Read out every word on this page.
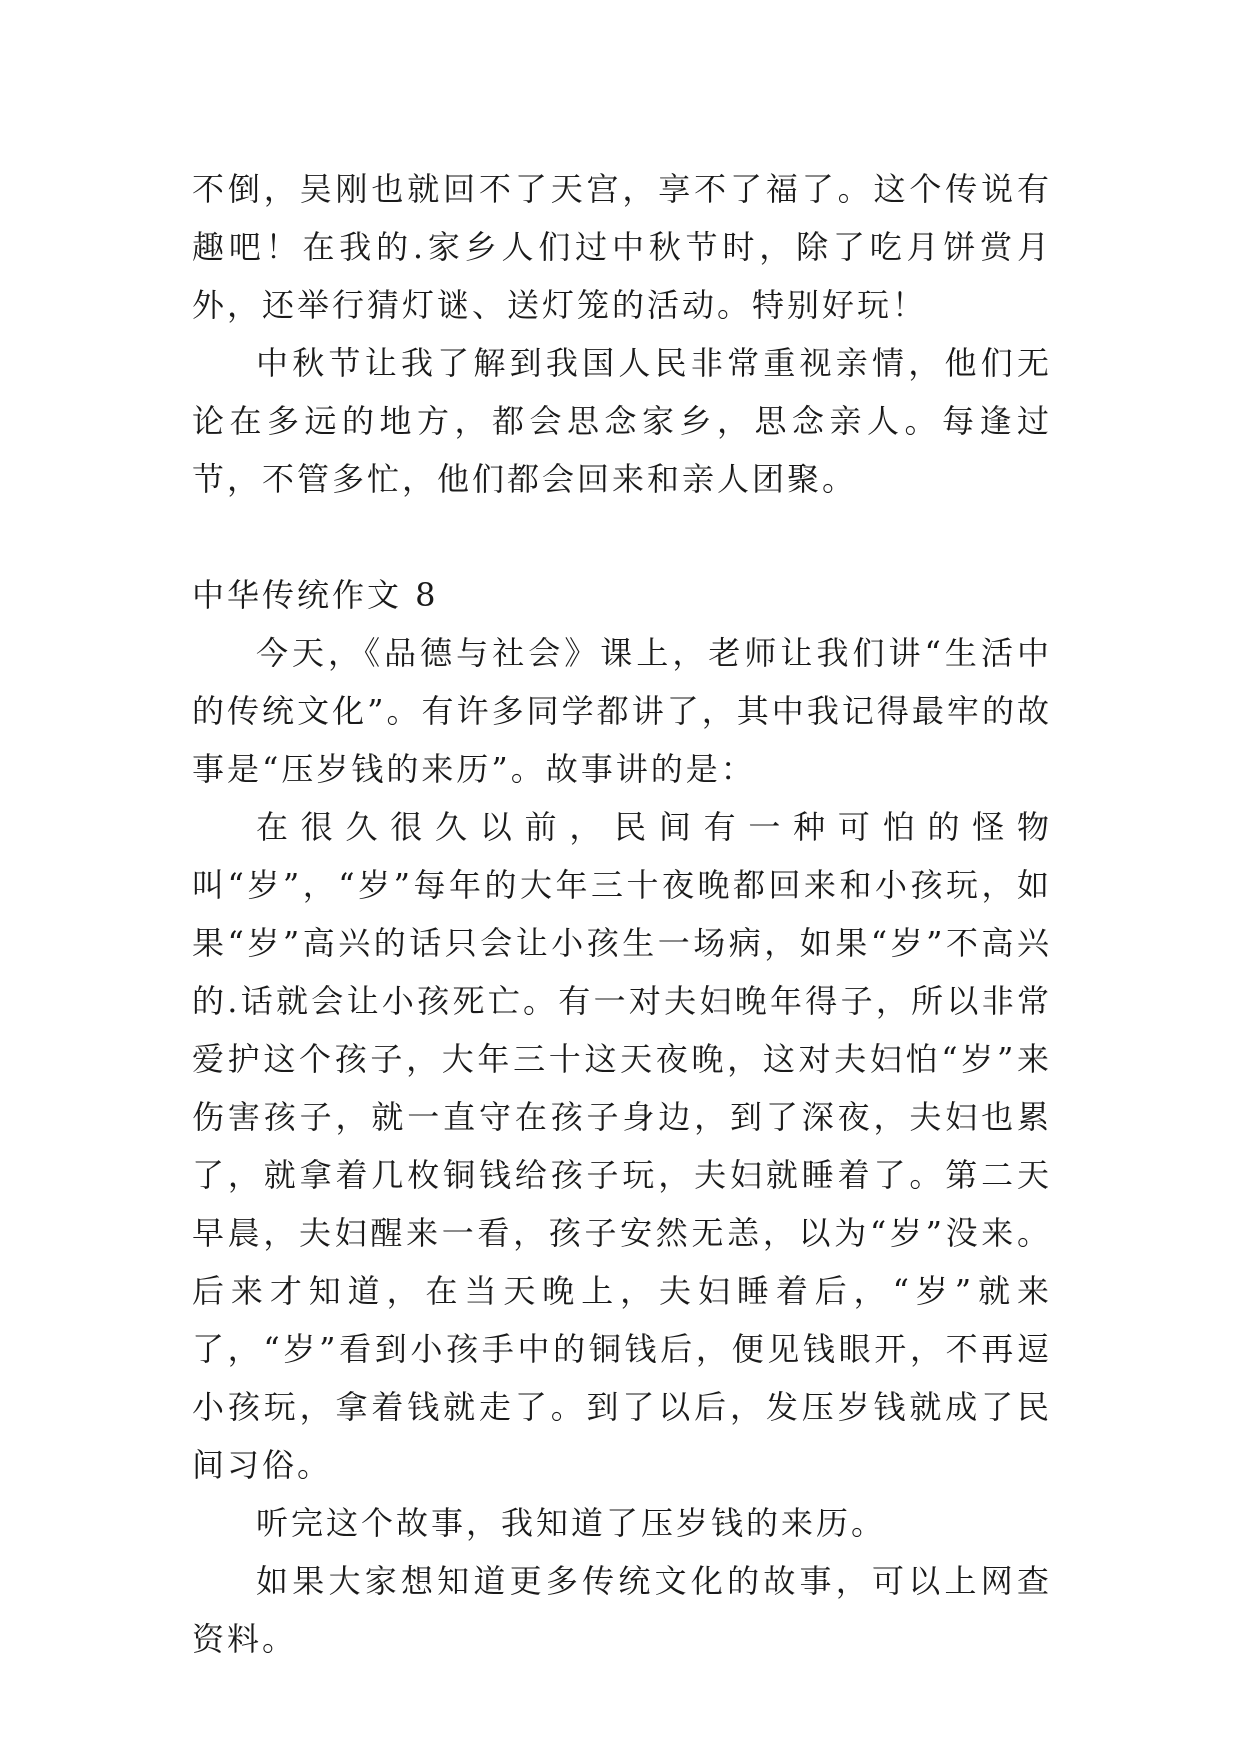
不倒，吴刚也就回不了天宫，享不了福了。这个传说有趣吧！在我的.家乡人们过中秋节时，除了吃月饼赏月外，还举行猜灯谜、送灯笼的活动。特别好玩！

中秋节让我了解到我国人民非常重视亲情，他们无论在多远的地方，都会思念家乡，思念亲人。每逢过节，不管多忙，他们都会回来和亲人团聚。

中华传统作文 8

今天，《品德与社会》课上，老师让我们讲“生活中的传统文化”。有许多同学都讲了，其中我记得最牢的故事是“压岁钱的来历”。故事讲的是：

在很久很久以前，民间有一种可怕的怪物叫“岁”，“岁”每年的大年三十夜晚都回来和小孩玩，如果“岁”高兴的话只会让小孩生一场病，如果“岁”不高兴的.话就会让小孩死亡。有一对夫妇晚年得子，所以非常爱护这个孩子，大年三十这天夜晚，这对夫妇怕“岁”来伤害孩子，就一直守在孩子身边，到了深夜，夫妇也累了，就拿着几枚铜钱给孩子玩，夫妇就睡着了。第二天早晨，夫妇醒来一看，孩子安然无恙，以为“岁”没来。后来才知道，在当天晚上，夫妇睡着后，“岁”就来了，“岁”看到小孩手中的铜钱后，便见钱眼开，不再逗小孩玩，拿着钱就走了。到了以后，发压岁钱就成了民间习俗。

听完这个故事，我知道了压岁钱的来历。

如果大家想知道更多传统文化的故事，可以上网查资料。
